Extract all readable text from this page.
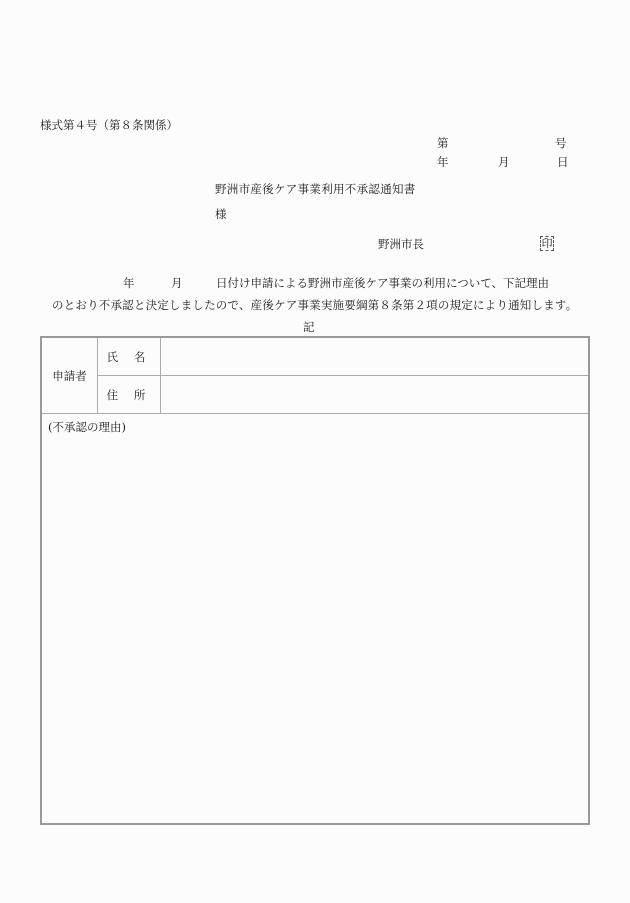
様式第４号（第８条関係）
第	号
年	月	日
野洲市産後ケア事業利用不承認通知書
様
野洲市長	印
年	月	日付け申請による野洲市産後ケア事業の利用について、下記理由
のとおり不承認と決定しましたので、産後ケア事業実施要綱第８条第２項の規定により通知します。
記
申請者	氏 名	
	住 所	
(不承認の理由)		
